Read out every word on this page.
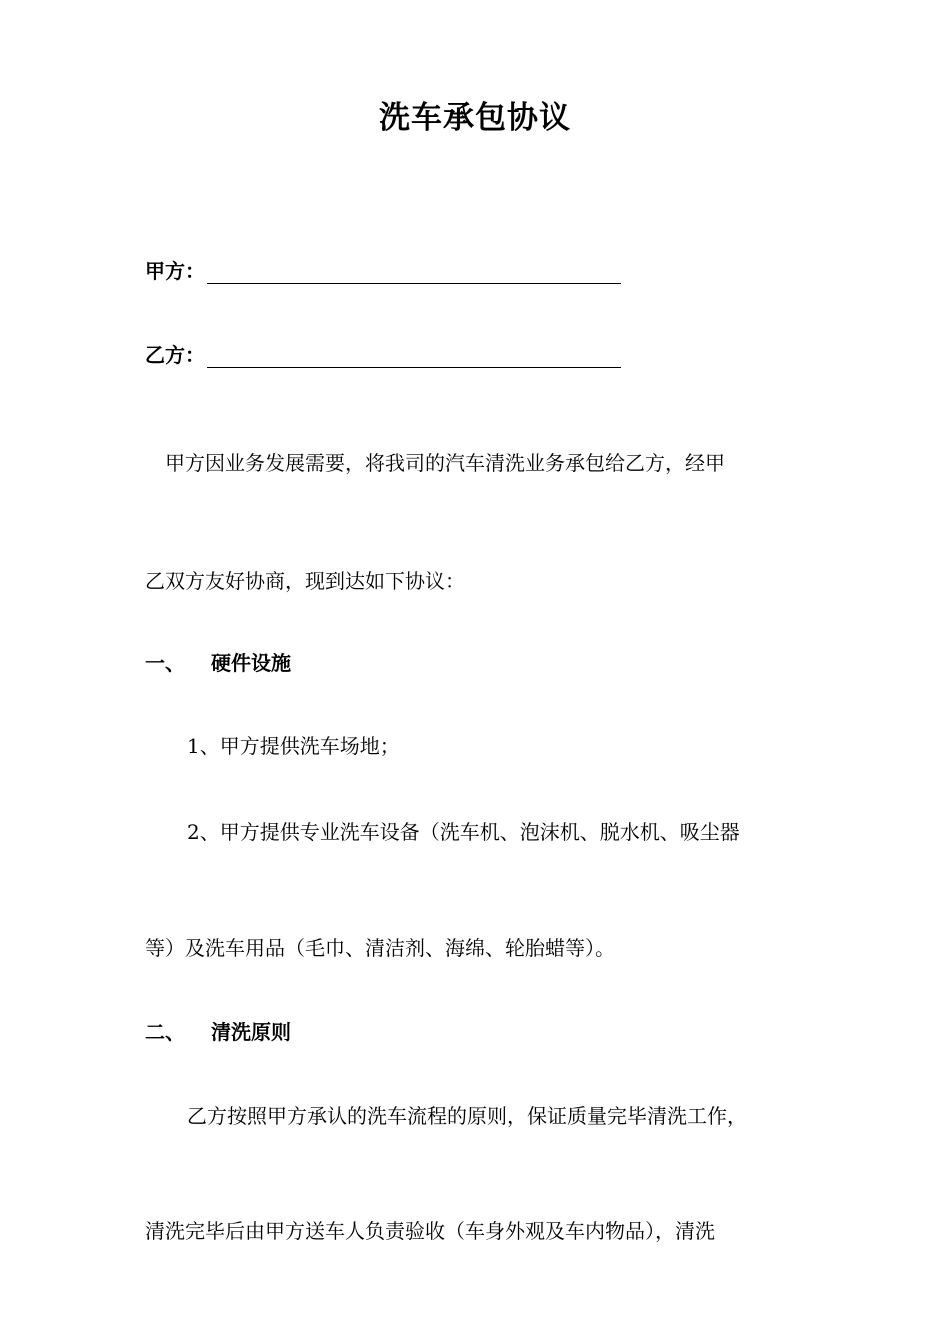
洗车承包协议
甲方：
乙方：
甲方因业务发展需要，将我司的汽车清洗业务承包给乙方，经甲
乙双方友好协商，现到达如下协议：
一、 硬件设施
1、甲方提供洗车场地；
2、甲方提供专业洗车设备（洗车机、泡沫机、脱水机、吸尘器
等）及洗车用品（毛巾、清洁剂、海绵、轮胎蜡等）。
二、 清洗原则
乙方按照甲方承认的洗车流程的原则，保证质量完毕清洗工作，
清洗完毕后由甲方送车人负责验收（车身外观及车内物品），清洗
